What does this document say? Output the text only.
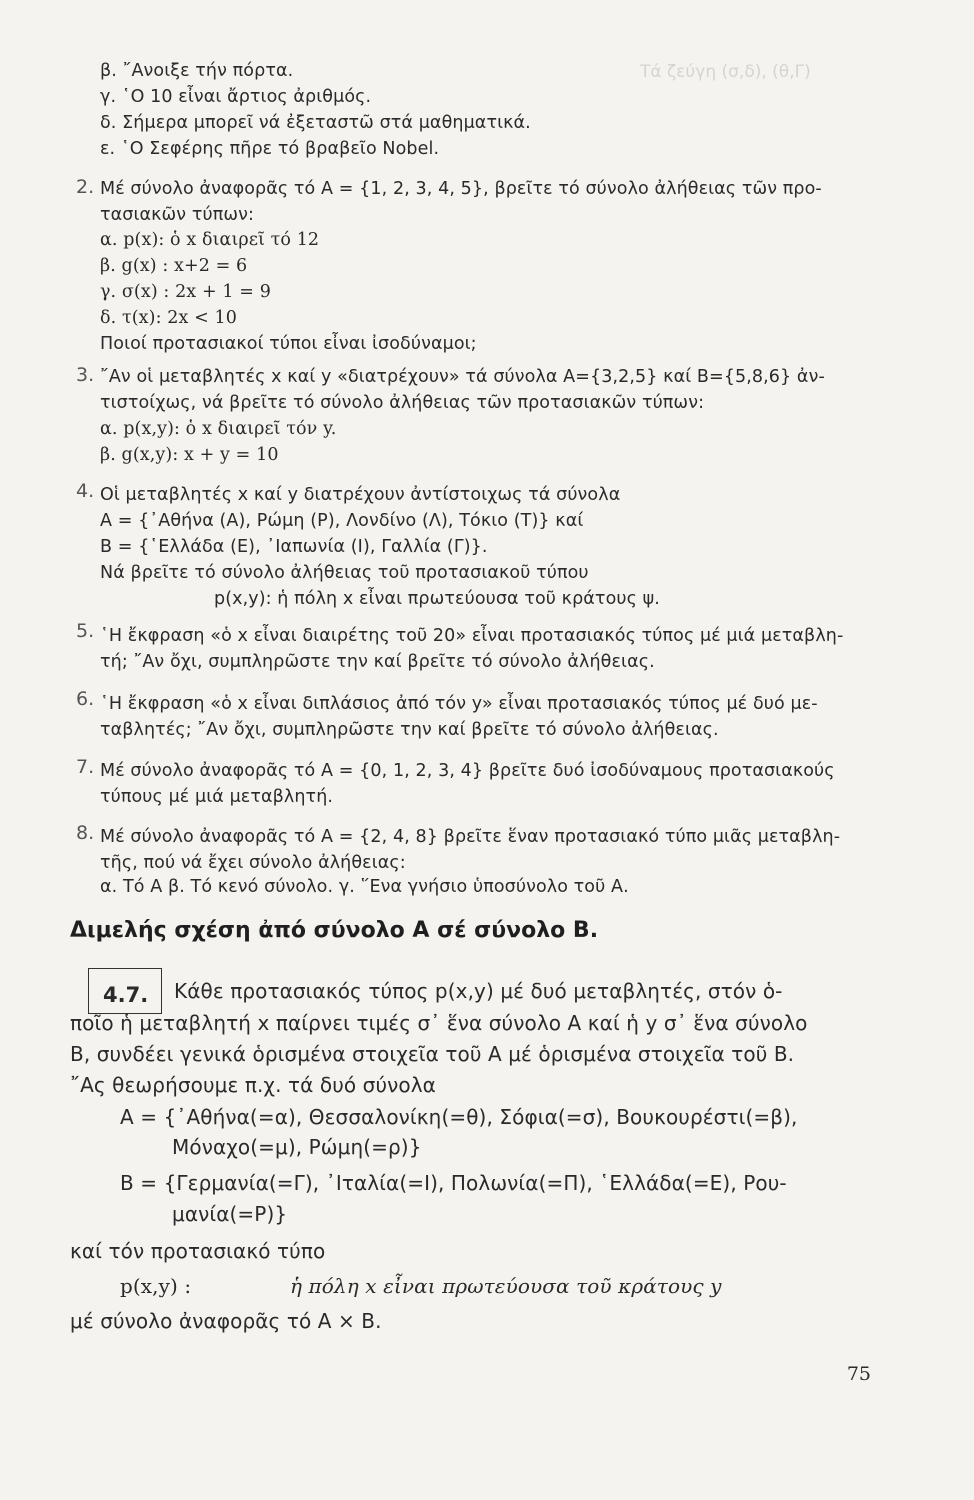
Τά ζεύγη (σ,δ), (θ,Γ)
β. ῎Ανοιξε τήν πόρτα.
γ. ῾Ο 10 εἶναι ἄρτιος ἀριθμός.
δ. Σήμερα μπορεῖ νά ἐξεταστῶ στά μαθηματικά.
ε. ῾Ο Σεφέρης πῆρε τό βραβεῖο Nobel.
2. Μέ σύνολο ἀναφορᾶς τό Α = {1, 2, 3, 4, 5}, βρεῖτε τό σύνολο ἀλήθειας τῶν προ-
τασιακῶν τύπων:
α. p(x): ὁ x διαιρεῖ τό 12
β. g(x) : x+2 = 6
γ. σ(x) : 2x + 1 = 9
δ. τ(x): 2x < 10
Ποιοί προτασιακοί τύποι εἶναι ἰσοδύναμοι;
3. ῎Αν οἱ μεταβλητές x καί y «διατρέχουν» τά σύνολα Α={3,2,5} καί Β={5,8,6} ἀν-
τιστοίχως, νά βρεῖτε τό σύνολο ἀλήθειας τῶν προτασιακῶν τύπων:
α. p(x,y): ὁ x διαιρεῖ τόν y.
β. g(x,y): x + y = 10
4. Οἱ μεταβλητές x καί y διατρέχουν ἀντίστοιχως τά σύνολα
Α = {᾿Αθήνα (Α), Ρώμη (Ρ), Λονδίνο (Λ), Τόκιο (Τ)} καί
Β = {῾Ελλάδα (Ε), ᾿Ιαπωνία (Ι), Γαλλία (Γ)}.
Νά βρεῖτε τό σύνολο ἀλήθειας τοῦ προτασιακοῦ τύπου
p(x,y): ἡ πόλη x εἶναι πρωτεύουσα τοῦ κράτους ψ.
5. ῾Η ἔκφραση «ὁ x εἶναι διαιρέτης τοῦ 20» εἶναι προτασιακός τύπος μέ μιά μεταβλη-
τή; ῎Αν ὄχι, συμπληρῶστε την καί βρεῖτε τό σύνολο ἀλήθειας.
6. ῾Η ἔκφραση «ὁ x εἶναι διπλάσιος ἀπό τόν y» εἶναι προτασιακός τύπος μέ δυό με-
ταβλητές; ῎Αν ὄχι, συμπληρῶστε την καί βρεῖτε τό σύνολο ἀλήθειας.
7. Μέ σύνολο ἀναφορᾶς τό Α = {0, 1, 2, 3, 4} βρεῖτε δυό ἰσοδύναμους προτασιακούς
τύπους μέ μιά μεταβλητή.
8. Μέ σύνολο ἀναφορᾶς τό Α = {2, 4, 8} βρεῖτε ἕναν προτασιακό τύπο μιᾶς μεταβλη-
τῆς, πού νά ἔχει σύνολο ἀλήθειας:
α. Τό Α β. Τό κενό σύνολο. γ. ῞Ενα γνήσιο ὑποσύνολο τοῦ Α.
Διμελής σχέση ἀπό σύνολο Α σέ σύνολο Β.
4.7. Κάθε προτασιακός τύπος p(x,y) μέ δυό μεταβλητές, στόν ὁ-
ποῖο ἡ μεταβλητή x παίρνει τιμές σ᾿ ἕνα σύνολο Α καί ἡ y σ᾿ ἕνα σύνολο
Β, συνδέει γενικά ὁρισμένα στοιχεῖα τοῦ Α μέ ὁρισμένα στοιχεῖα τοῦ Β.
῎Ας θεωρήσουμε π.χ. τά δυό σύνολα
Α = {᾿Αθήνα(=α), Θεσσαλονίκη(=θ), Σόφια(=σ), Βουκουρέστι(=β),
Μόναχο(=μ), Ρώμη(=ρ)}
Β = {Γερμανία(=Γ), ᾿Ιταλία(=Ι), Πολωνία(=Π), ῾Ελλάδα(=Ε), Ρου-
μανία(=Ρ)}
καί τόν προτασιακό τύπο
p(x,y) :	ἡ πόλη x εἶναι πρωτεύουσα τοῦ κράτους y
μέ σύνολο ἀναφορᾶς τό Α × Β.
75
